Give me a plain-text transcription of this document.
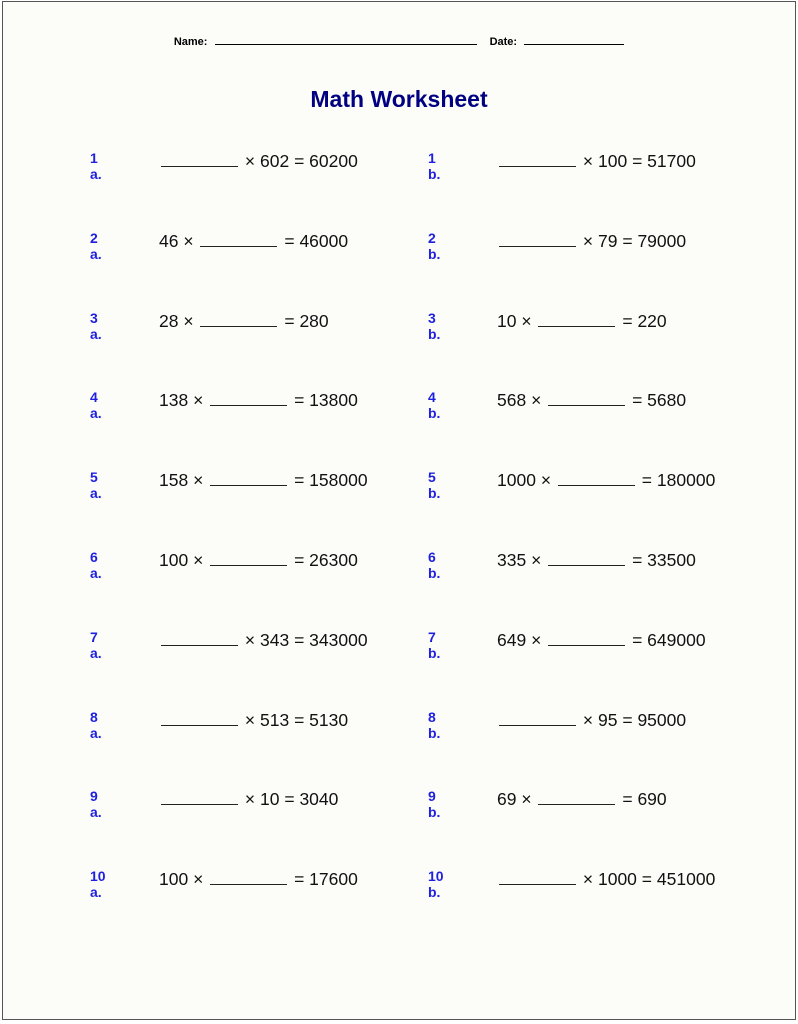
Name:	Date:
Math Worksheet
1 a.
× 602 = 60200
2 a.
46 ×	= 46000
3 a.
28 ×	= 280
4 a.
138 ×	= 13800
5 a.
158 ×	= 158000
6 a.
100 ×	= 26300
7 a.
× 343 = 343000
8 a.
× 513 = 5130
9 a.
× 10 = 3040
10 a.
100 ×	= 17600
1 b.
× 100 = 51700
2 b.
× 79 = 79000
3 b.
10 ×	= 220
4 b.
568 ×	= 5680
5 b.
1000 ×	= 180000
6 b.
335 ×	= 33500
7 b.
649 ×	= 649000
8 b.
× 95 = 95000
9 b.
69 ×	= 690
10 b.
× 1000 = 451000
